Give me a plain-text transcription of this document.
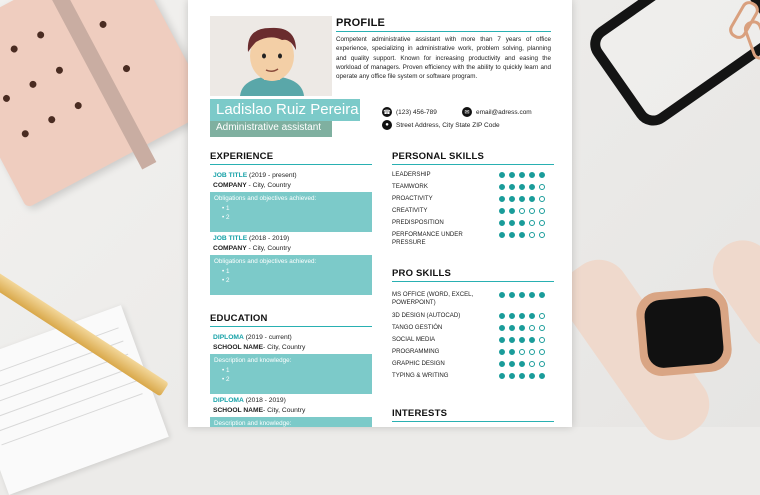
Ladislao Ruiz Pereira
Administrative assistant
PROFILE
Competent administrative assistant with more than 7 years of office experience, specializing in administrative work, problem solving, planning and quality support. Known for increasing productivity and easing the workload of managers. Proven efficiency with the ability to quickly learn and operate any office file system or software program.
☎ (123) 456-789	✉ email@adress.com
●	Street Address, City State ZIP Code
EXPERIENCE
JOB TITLE (2019 - present)
COMPANY - City, Country
Obligations and objectives achieved:
• 1
• 2
JOB TITLE (2018 - 2019)
COMPANY - City, Country
Obligations and objectives achieved:
• 1
• 2
EDUCATION
DIPLOMA (2019 - current)
SCHOOL NAME- City, Country
Description and knowledge:
• 1
• 2
DIPLOMA (2018 - 2019)
SCHOOL NAME- City, Country
Description and knowledge:
PERSONAL SKILLS
LEADERSHIP
TEAMWORK
PROACTIVITY
CREATIVITY
PREDISPOSITION
PERFORMANCE UNDER PRESSURE
PRO SKILLS
MS OFFICE (WORD, EXCEL, POWERPOINT)
3D DESIGN (AUTOCAD)
TANGO GESTIÓN
SOCIAL MEDIA
PROGRAMMING
GRAPHIC DESIGN
TYPING & WRITING
INTERESTS
